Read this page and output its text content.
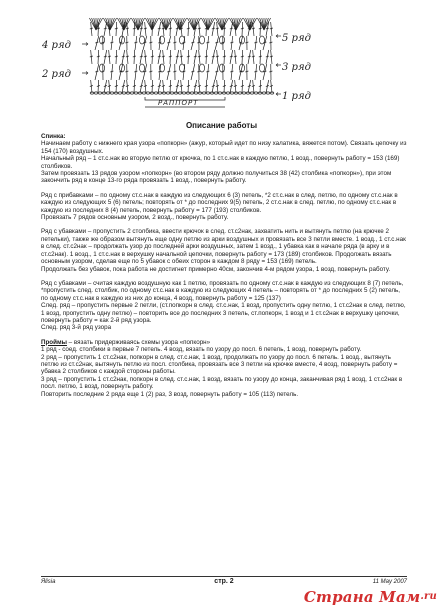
4 ряд
2 ряд
5 ряд
3 ряд
1 ряд
РАППОРТ
Описание работы

Спинка:

Начинаем работу с нижнего края узора «попкорн» (ажур, который идет по низу халатика, вяжется потом). Связать цепочку из 154 (170) воздушных.

Начальный ряд – 1 ст.с.нак во вторую петлю от крючка, по 1 ст.с.нак в каждую петлю, 1 возд., повернуть работу = 153 (169) столбиков.

Затем провязать 13 рядов узором «попкорн» (во втором ряду должно получиться 38 (42) столбика «попкорн»), при этом закончить ряд в конце 13-го ряда провязать 1 возд., повернуть работу.

Ряд с прибавками – по одному ст.с.нак в каждую из следующих 6 (3) петель, *2 ст.с.нак в след. петлю, по одному ст.с.нак в каждую из следующих 5 (6) петель; повторять от * до последних 9(5) петель, 2 ст.с.нак в след. петлю, по одному ст.с.нак в каждую из последних 8 (4) петель, повернуть работу = 177 (193) столбиков.

Провязать 7 рядов основным узором, 2 возд., повернуть работу.

Ряд с убавками – пропустить 2 столбика, ввести крючок в след. ст.с2нак, захватить нить и вытянуть петлю (на крючке 2 петельки), также же образом вытянуть еще одну петлю из арки воздушных и провязать все 3 петли вместе. 1 возд., 1 ст.с.нак в след. ст.с2нак – продолжать узор до последней арки воздушных, затем 1 возд., 1 убавка как в начале ряда (в арку и в ст.с2нак). 1 возд., 1 ст.с.нак в верхушку начальной цепочки, повернуть работу = 173 (189) столбиков. Продолжать вязать основным узором, сделав еще по 5 убавок с обеих сторон в каждом 8 ряду = 153 (169) петель.

Продолжать без убавок, пока работа не достигнет примерно 40см, закончив 4-м рядом узора, 1 возд, повернуть работу.

Ряд с убавками – считая каждую воздушную как 1 петлю, провязать по одному ст.с.нак в каждую из следующих 8 (7) петель, *пропустить след. столбик, по одному ст.с.нак в каждую из следующих 4 петель – повторять от * до последних 5 (2) петель, по одному ст.с.нак в каждую из них до конца, 4 возд, повернуть работу = 125 (137)

След. ряд – пропустить первые 2 петли, (ст.попкорн в след. ст.с.нак, 1 возд, пропустить одну петлю, 1 ст.с2нак в след. петлю, 1 возд, пропустить одну петлю) – повторить все до последних 3 петель, ст.попкорн, 1 возд и 1 ст.с2нак в верхушку цепочки, повернуть работу = как 2-й ряд узора.

След. ряд 3-й ряд узора

Проймы – вязать придерживаясь схемы узора «попкорн»

1 ряд - соед. столбики в первые 7 петель. 4 возд, вязать по узору до посл. 6 петель, 1 возд, повернуть работу.

2 ряд – пропустить 1 ст.с2нак, попкорн в след. ст.с.нак, 1 возд, продолжать по узору до посл. 6 петель. 1 возд., вытянуть петлю из ст.с2нак, вытянуть петлю из посл. столбика, провязать все 3 петли на крючке вместе, 4 возд, повернуть работу = убавка 2 столбиков с каждой стороны работы.

3 ряд – пропустить 1 ст.с2нак, попкорн в след. ст.с.нак, 1 возд, вязать по узору до конца, заканчивая ряд 1 возд, 1 ст.с2нак в посл. петлю, 1 возд, повернуть работу.

Повторить последние 2 ряда еще 1 (2) раз, 3 возд, повернуть работу = 105 (113) петель.

Яlisia	стр. 2	11 May 2007
Страна Мам$^{.ru}$
